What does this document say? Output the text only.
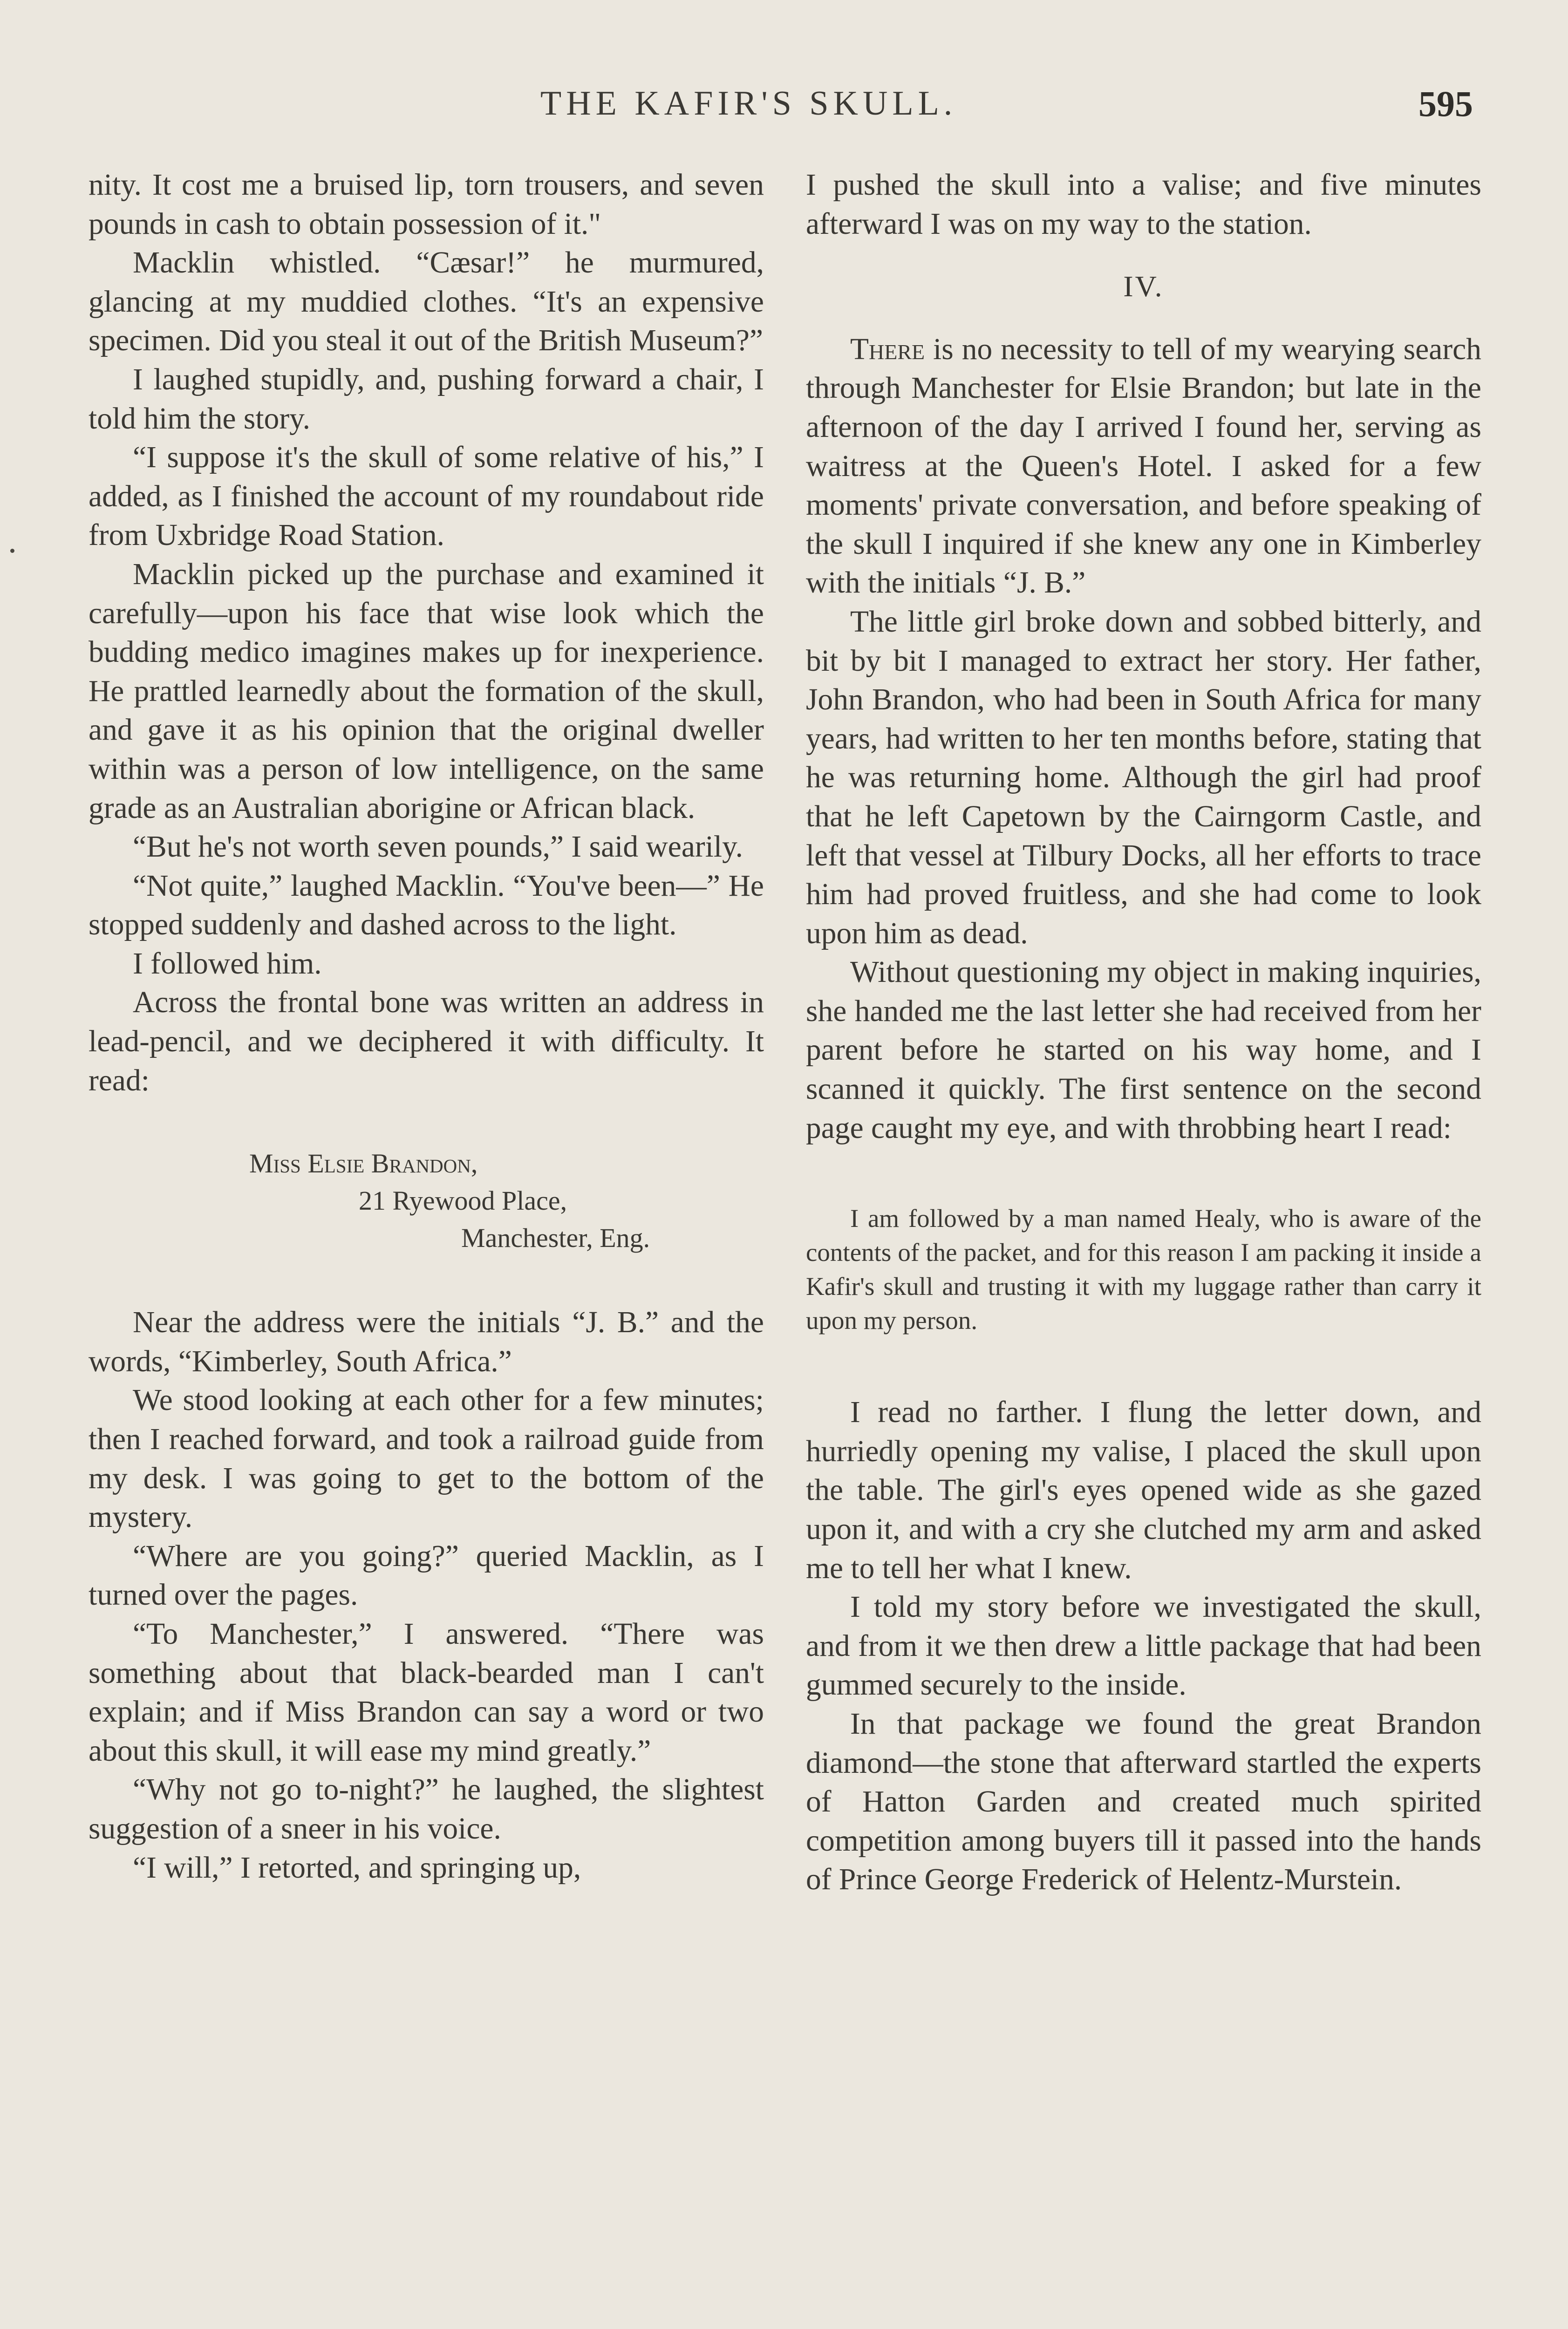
THE KAFIR'S SKULL.	595

nity. It cost me a bruised lip, torn trousers, and seven pounds in cash to obtain possession of it."

Macklin whistled. “Cæsar!” he murmured, glancing at my muddied clothes. “It's an expensive specimen. Did you steal it out of the British Museum?”

I laughed stupidly, and, pushing forward a chair, I told him the story.

“I suppose it's the skull of some relative of his,” I added, as I finished the account of my roundabout ride from Uxbridge Road Station.

Macklin picked up the purchase and examined it carefully—upon his face that wise look which the budding medico imagines makes up for inexperience. He prattled learnedly about the formation of the skull, and gave it as his opinion that the original dweller within was a person of low intelligence, on the same grade as an Australian aborigine or African black.

“But he's not worth seven pounds,” I said wearily.

“Not quite,” laughed Macklin. “You've been—” He stopped suddenly and dashed across to the light.

I followed him.

Across the frontal bone was written an address in lead-pencil, and we deciphered it with difficulty. It read:

Miss Elsie Brandon,
21 Ryewood Place,
Manchester, Eng.

Near the address were the initials “J. B.” and the words, “Kimberley, South Africa.”

We stood looking at each other for a few minutes; then I reached forward, and took a railroad guide from my desk. I was going to get to the bottom of the mystery.

“Where are you going?” queried Macklin, as I turned over the pages.

“To Manchester,” I answered. “There was something about that black-bearded man I can't explain; and if Miss Brandon can say a word or two about this skull, it will ease my mind greatly.”

“Why not go to-night?” he laughed, the slightest suggestion of a sneer in his voice.

“I will,” I retorted, and springing up,

I pushed the skull into a valise; and five minutes afterward I was on my way to the station.

IV.

There is no necessity to tell of my wearying search through Manchester for Elsie Brandon; but late in the afternoon of the day I arrived I found her, serving as waitress at the Queen's Hotel. I asked for a few moments' private conversation, and before speaking of the skull I inquired if she knew any one in Kimberley with the initials “J. B.”

The little girl broke down and sobbed bitterly, and bit by bit I managed to extract her story. Her father, John Brandon, who had been in South Africa for many years, had written to her ten months before, stating that he was returning home. Although the girl had proof that he left Capetown by the Cairngorm Castle, and left that vessel at Tilbury Docks, all her efforts to trace him had proved fruitless, and she had come to look upon him as dead.

Without questioning my object in making inquiries, she handed me the last letter she had received from her parent before he started on his way home, and I scanned it quickly. The first sentence on the second page caught my eye, and with throbbing heart I read:

I am followed by a man named Healy, who is aware of the contents of the packet, and for this reason I am packing it inside a Kafir's skull and trusting it with my luggage rather than carry it upon my person.

I read no farther. I flung the letter down, and hurriedly opening my valise, I placed the skull upon the table. The girl's eyes opened wide as she gazed upon it, and with a cry she clutched my arm and asked me to tell her what I knew.

I told my story before we investigated the skull, and from it we then drew a little package that had been gummed securely to the inside.

In that package we found the great Brandon diamond—the stone that afterward startled the experts of Hatton Garden and created much spirited competition among buyers till it passed into the hands of Prince George Frederick of Helentz-Murstein.
